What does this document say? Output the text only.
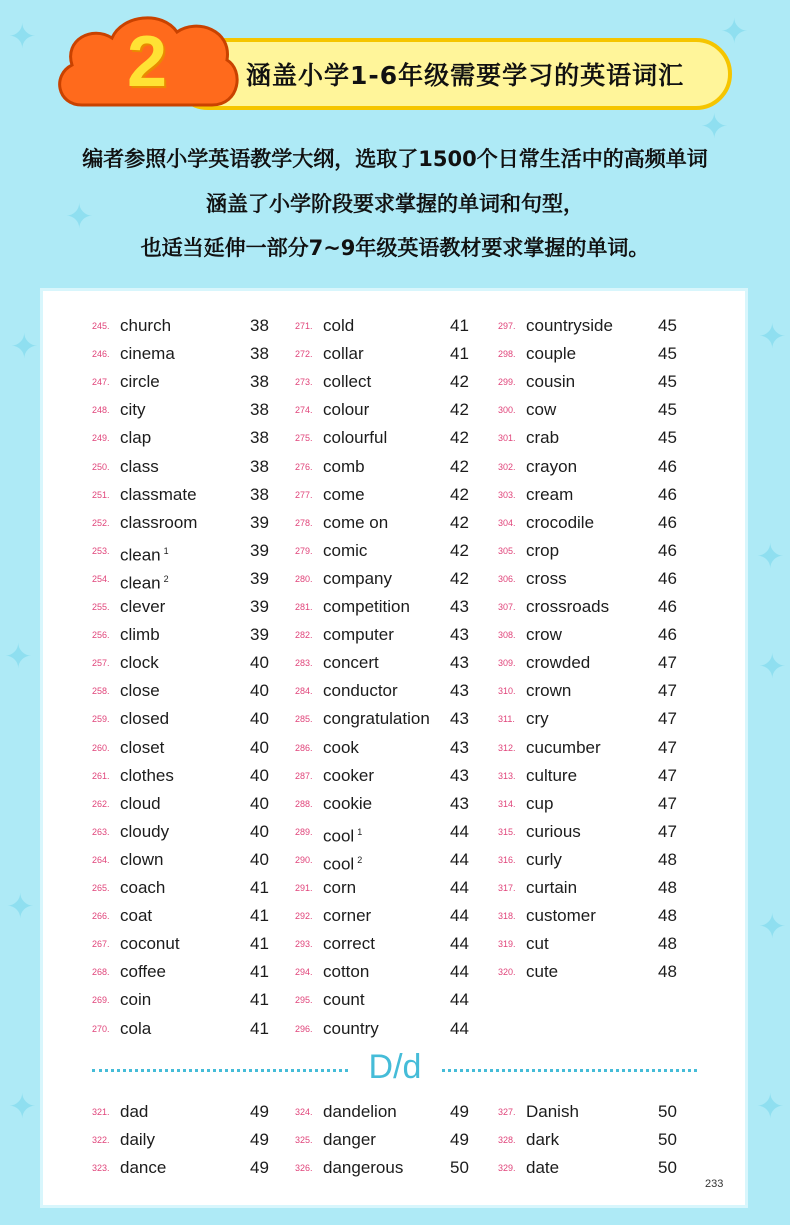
✦	✦
✦
✦
✦	✦
✦
✦	✦
✦	✦
✦	✦
涵盖小学1-6年级需要学习的英语词汇
2
编者参照小学英语教学大纲，选取了1500个日常生活中的高频单词
涵盖了小学阶段要求掌握的单词和句型，
也适当延伸一部分7~9年级英语教材要求掌握的单词。
245. church	38
246. cinema	38
247. circle	38
248. city	38
249. clap	38
250. class	38
251. classmate	38
252. classroom	39
253. clean $^1$	39
254. clean $^2$	39
255. clever	39
256. climb	39
257. clock	40
258. close	40
259. closed	40
260. closet	40
261. clothes	40
262. cloud	40
263. cloudy	40
264. clown	40
265. coach	41
266. coat	41
267. coconut	41
268. coffee	41
269. coin	41
270. cola	41
271. cold	41
272. collar	41
273. collect	42
274. colour	42
275. colourful	42
276. comb	42
277. come	42
278. come on	42
279. comic	42
280. company	42
281. competition 43
282. computer	43
283. concert	43
284. conductor	43
285. congratulation 43
286. cook	43
287. cooker	43
288. cookie	43
289. cool $^1$	44
290. cool $^2$	44
291. corn	44
292. corner	44
293. correct	44
294. cotton	44
295. count	44
296. country	44
297. countryside	45
298. couple	45
299. cousin	45
300. cow	45
301. crab	45
302. crayon	46
303. cream	46
304. crocodile	46
305. crop	46
306. cross	46
307. crossroads	46
308. crow	46
309. crowded	47
310. crown	47
311. cry	47
312. cucumber	47
313. culture	47
314. cup	47
315. curious	47
316. curly	48
317. curtain	48
318. customer	48
319. cut	48
320. cute	48
321. dad	49
322. daily	49
323. dance	49
324. dandelion	49
325. danger	49
326. dangerous	50
327. Danish	50
328. dark	50
329. date	50
D/d
233
